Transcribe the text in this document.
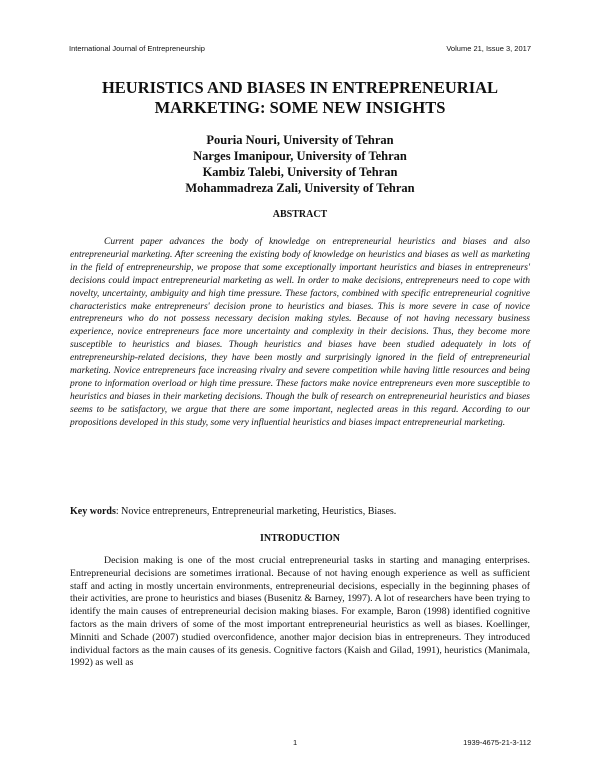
International Journal of Entrepreneurship	Volume 21, Issue 3, 2017
HEURISTICS AND BIASES IN ENTREPRENEURIAL MARKETING: SOME NEW INSIGHTS
Pouria Nouri, University of Tehran
Narges Imanipour, University of Tehran
Kambiz Talebi, University of Tehran
Mohammadreza Zali, University of Tehran
ABSTRACT

Current paper advances the body of knowledge on entrepreneurial heuristics and biases and also entrepreneurial marketing. After screening the existing body of knowledge on heuristics and biases as well as marketing in the field of entrepreneurship, we propose that some exceptionally important heuristics and biases in entrepreneurs' decisions could impact entrepreneurial marketing as well. In order to make decisions, entrepreneurs need to cope with novelty, uncertainty, ambiguity and high time pressure. These factors, combined with specific entrepreneurial cognitive characteristics make entrepreneurs' decision prone to heuristics and biases. This is more severe in case of novice entrepreneurs who do not possess necessary decision making styles. Because of not having necessary business experience, novice entrepreneurs face more uncertainty and complexity in their decisions. Thus, they become more susceptible to heuristics and biases. Though heuristics and biases have been studied adequately in lots of entrepreneurship-related decisions, they have been mostly and surprisingly ignored in the field of entrepreneurial marketing. Novice entrepreneurs face increasing rivalry and severe competition while having little resources and being prone to information overload or high time pressure. These factors make novice entrepreneurs even more susceptible to heuristics and biases in their marketing decisions. Though the bulk of research on entrepreneurial heuristics and biases seems to be satisfactory, we argue that there are some important, neglected areas in this regard. According to our propositions developed in this study, some very influential heuristics and biases impact entrepreneurial marketing.

Key words: Novice entrepreneurs, Entrepreneurial marketing, Heuristics, Biases.
INTRODUCTION

Decision making is one of the most crucial entrepreneurial tasks in starting and managing enterprises. Entrepreneurial decisions are sometimes irrational. Because of not having enough experience as well as sufficient staff and acting in mostly uncertain environments, entrepreneurial decisions, especially in the beginning phases of their activities, are prone to heuristics and biases (Busenitz & Barney, 1997). A lot of researchers have been trying to identify the main causes of entrepreneurial decision making biases. For example, Baron (1998) identified cognitive factors as the main drivers of some of the most important entrepreneurial heuristics as well as biases. Koellinger, Minniti and Schade (2007) studied overconfidence, another major decision bias in entrepreneurs. They introduced individual factors as the main causes of its genesis. Cognitive factors (Kaish and Gilad, 1991), heuristics (Manimala, 1992) as well as

1	1939-4675-21-3-112
